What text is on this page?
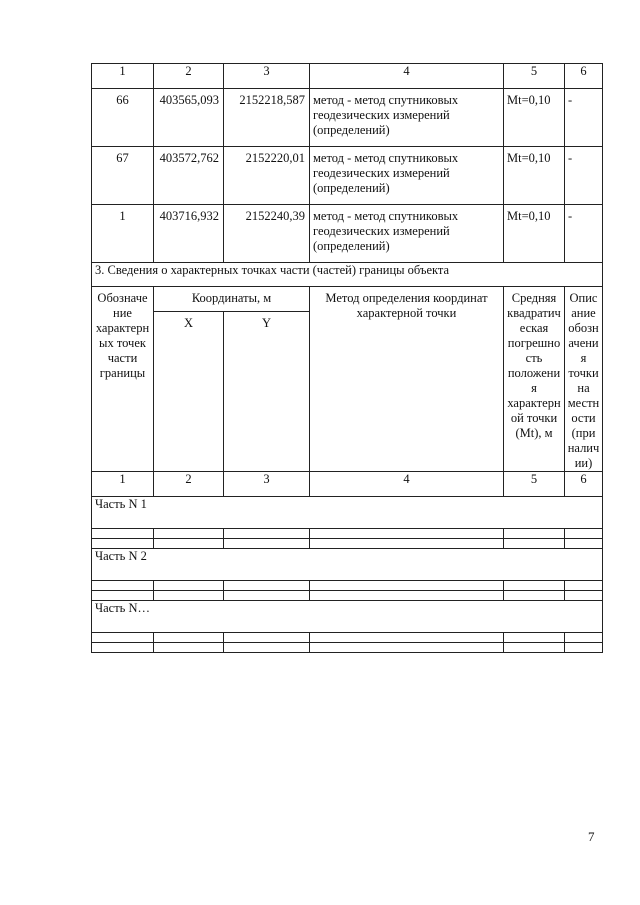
1	2	3	4	5	6
66	403565,093	2152218,587	метод - метод спутниковых геодезических измерений (определений)	Mt=0,10	-
67	403572,762	2152220,01	метод - метод спутниковых геодезических измерений (определений)	Mt=0,10	-
1	403716,932	2152240,39	метод - метод спутниковых геодезических измерений (определений)	Mt=0,10	-
3. Сведения о характерных точках части (частей) границы объекта					
Обозначе ние характерн ых точек части границы	Координаты, м		Метод определения координат характерной точки	Средняя квадратич еская погрешно сть положени я характерн ой точки (Mt), м	Опис ание обозн ачени я точки на местн ости (при налич ии)
	X	Y			
1	2	3	4	5	6
Часть N 1					

Часть N 2					

Часть N…					

7
